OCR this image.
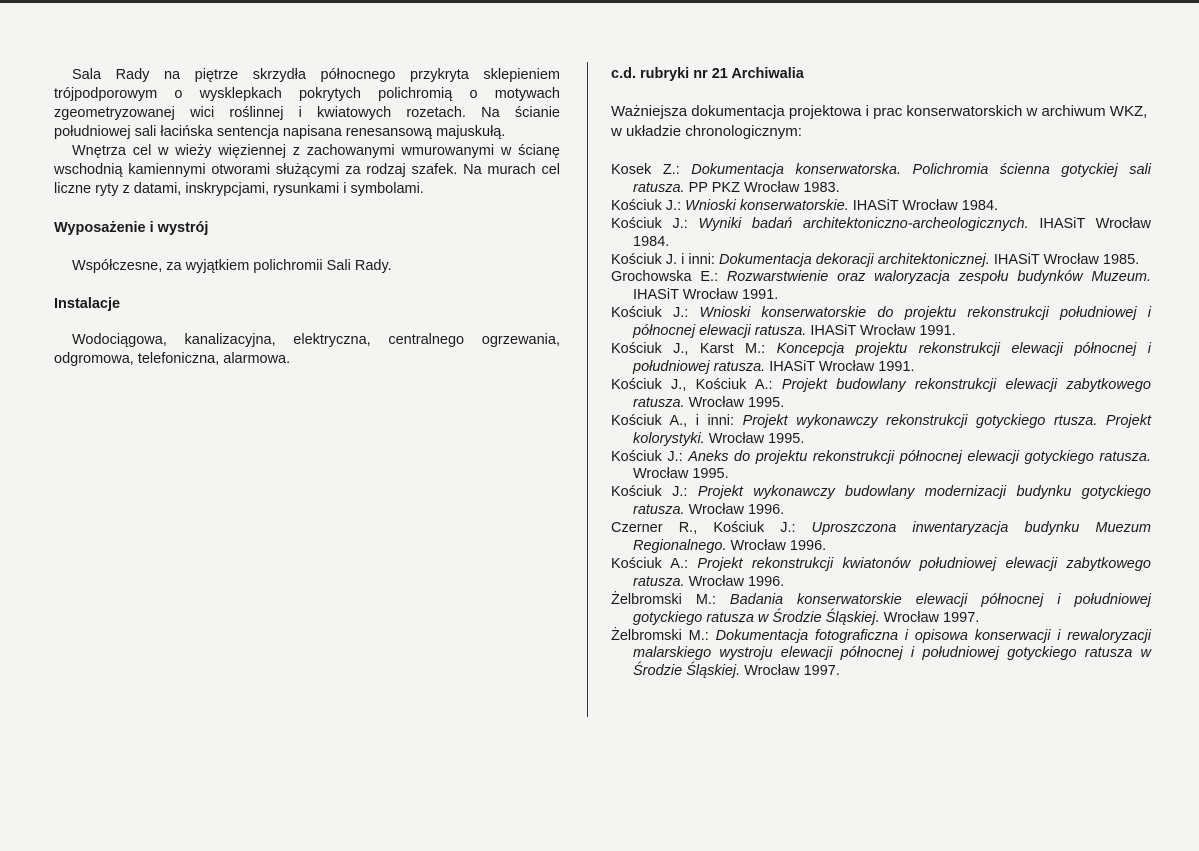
Sala Rady na piętrze skrzydła północnego przykryta sklepieniem trójpodporowym o wysklepkach pokrytych polichromią o motywach zgeometryzowanej wici roślinnej i kwiatowych rozetach. Na ścianie południowej sali łacińska sentencja napisana renesansową majuskułą.

Wnętrza cel w wieży więziennej z zachowanymi wmurowanymi w ścianę wschodnią kamiennymi otworami służącymi za rodzaj szafek. Na murach cel liczne ryty z datami, inskrypcjami, rysunkami i symbolami.

Wyposażenie i wystrój

Współczesne, za wyjątkiem polichromii Sali Rady.

Instalacje

Wodociągowa, kanalizacyjna, elektryczna, centralnego ogrzewania, odgromowa, telefoniczna, alarmowa.

c.d. rubryki nr 21 Archiwalia

Ważniejsza dokumentacja projektowa i prac konserwatorskich w archiwum WKZ, w układzie chronologicznym:

Kosek Z.: Dokumentacja konserwatorska. Polichromia ścienna gotyckiej sali ratusza. PP PKZ Wrocław 1983.

Kościuk J.: Wnioski konserwatorskie. IHASiT Wrocław 1984.

Kościuk J.: Wyniki badań architektoniczno-archeologicznych. IHASiT Wrocław 1984.

Kościuk J. i inni: Dokumentacja dekoracji architektonicznej. IHASiT Wrocław 1985.

Grochowska E.: Rozwarstwienie oraz waloryzacja zespołu budynków Muzeum. IHASiT Wrocław 1991.

Kościuk J.: Wnioski konserwatorskie do projektu rekonstrukcji południowej i północnej elewacji ratusza. IHASiT Wrocław 1991.

Kościuk J., Karst M.: Koncepcja projektu rekonstrukcji elewacji północnej i południowej ratusza. IHASiT Wrocław 1991.

Kościuk J., Kościuk A.: Projekt budowlany rekonstrukcji elewacji zabytkowego ratusza. Wrocław 1995.

Kościuk A., i inni: Projekt wykonawczy rekonstrukcji gotyckiego rtusza. Projekt kolorystyki. Wrocław 1995.

Kościuk J.: Aneks do projektu rekonstrukcji północnej elewacji gotyckiego ratusza. Wrocław 1995.

Kościuk J.: Projekt wykonawczy budowlany modernizacji budynku gotyckiego ratusza. Wrocław 1996.

Czerner R., Kościuk J.: Uproszczona inwentaryzacja budynku Muezum Regionalnego. Wrocław 1996.

Kościuk A.: Projekt rekonstrukcji kwiatonów południowej elewacji zabytkowego ratusza. Wrocław 1996.

Żelbromski M.: Badania konserwatorskie elewacji północnej i południowej gotyckiego ratusza w Środzie Śląskiej. Wrocław 1997.

Żelbromski M.: Dokumentacja fotograficzna i opisowa konserwacji i rewaloryzacji malarskiego wystroju elewacji północnej i południowej gotyckiego ratusza w Środzie Śląskiej. Wrocław 1997.
